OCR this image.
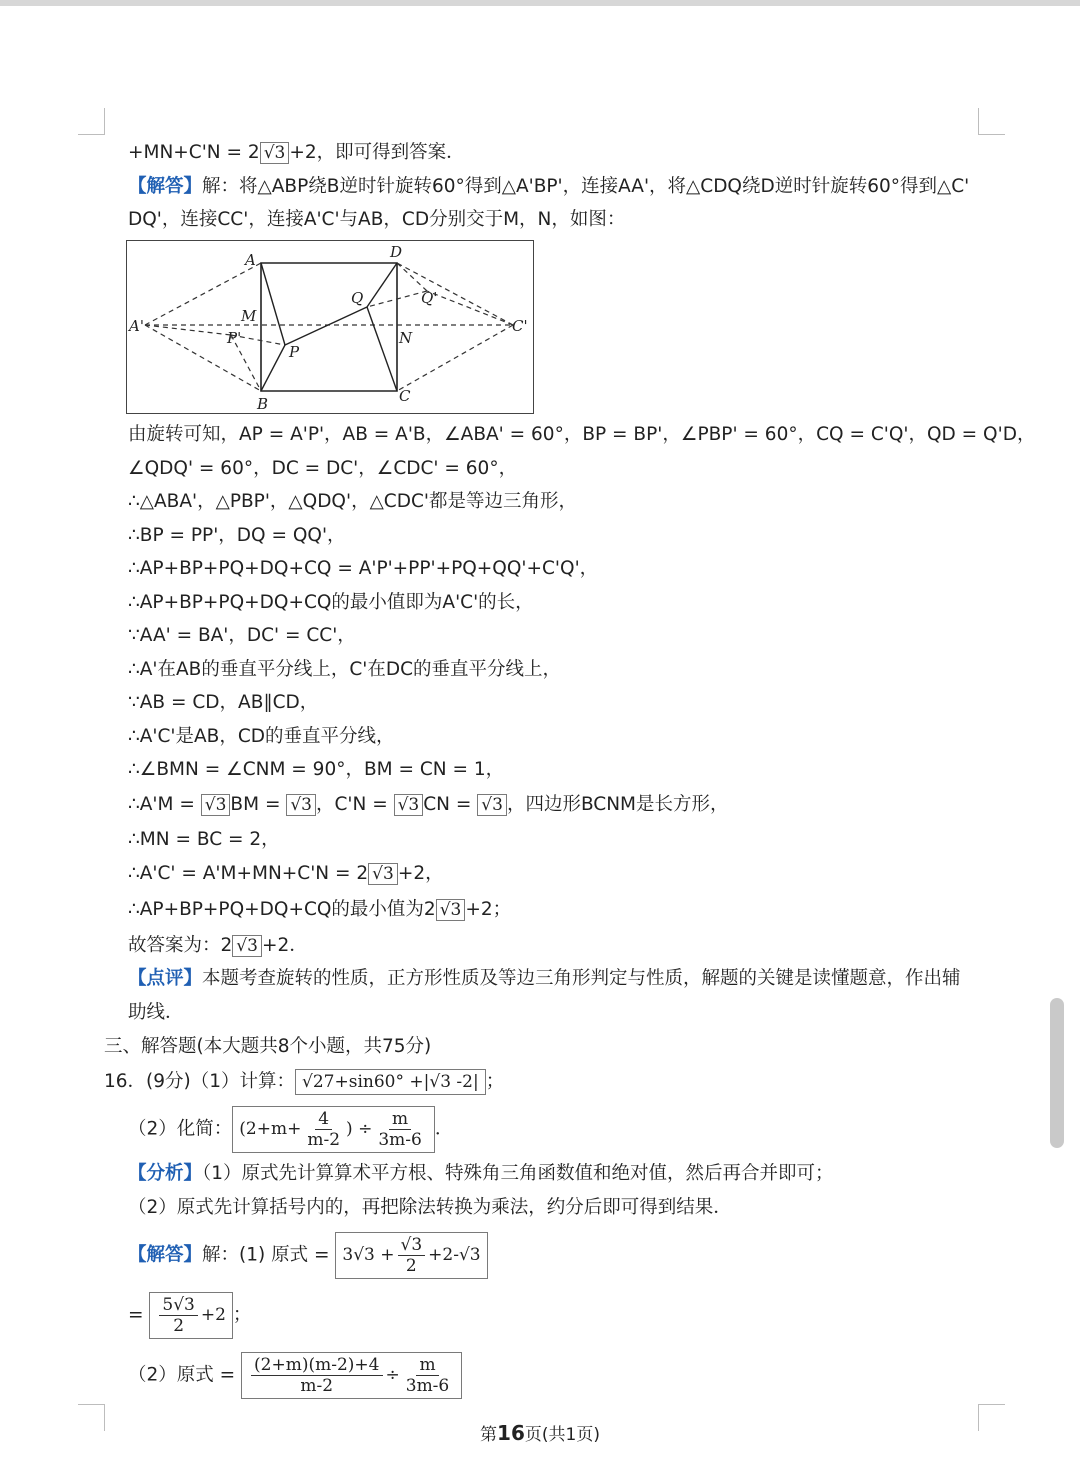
+MN+C'N = 2 √3 +2，即可得到答案．
【解答】解：将△ABP绕B逆时针旋转60°得到△A'BP'，连接AA'，将△CDQ绕D逆时针旋转60°得到△C'
DQ'，连接CC'，连接A'C'与AB，CD分别交于M，N，如图：
A
B	C
D
M
N
P
P'
Q	Q'
A'	C'
由旋转可知，AP = A'P'，AB = A'B，∠ABA' = 60°，BP = BP'，∠PBP' = 60°，CQ = C'Q'，QD = Q'D，
∠QDQ' = 60°，DC = DC'，∠CDC' = 60°，
∴△ABA'，△PBP'，△QDQ'，△CDC'都是等边三角形，
∴BP = PP'，DQ = QQ'，
∴AP+BP+PQ+DQ+CQ = A'P'+PP'+PQ+QQ'+C'Q'，
∴AP+BP+PQ+DQ+CQ的最小值即为A'C'的长，
∵AA' = BA'，DC' = CC'，
∴A'在AB的垂直平分线上，C'在DC的垂直平分线上，
∵AB = CD，AB∥CD，
∴A'C'是AB，CD的垂直平分线，
∴∠BMN = ∠CNM = 90°，BM = CN = 1，
∴A'M = √3 BM = √3 ，C'N = √3 CN = √3 ，四边形BCNM是长方形，
∴MN = BC = 2，
∴A'C' = A'M+MN+C'N = 2 √3 +2，
∴AP+BP+PQ+DQ+CQ的最小值为2 √3 +2；
故答案为：2 √3 +2．
【点评】本题考查旋转的性质，正方形性质及等边三角形判定与性质，解题的关键是读懂题意，作出辅
助线．
三、解答题(本大题共8个小题，共75分)
16．(9分)（1）计算： √27+sin60° +|√3 -2| ；
（2）化简： ($2+m+ \frac{4}{m-2}$ ) ÷ $\frac{m}{3m-6}$ ．
【分析】（1）原式先计算算术平方根、特殊角三角函数值和绝对值，然后再合并即可；
（2）原式先计算括号内的，再把除法转换为乘法，约分后即可得到结果．
【解答】解：(1) 原式 = $3√3 + \frac{√3}{2} +2-√3$
= $\frac{5√3}{2} +2$ ；
（2）原式 = $\frac{(2+m)(m-2)+4}{m-2} \div \frac{m}{3m-6}$
第16页(共1页)
